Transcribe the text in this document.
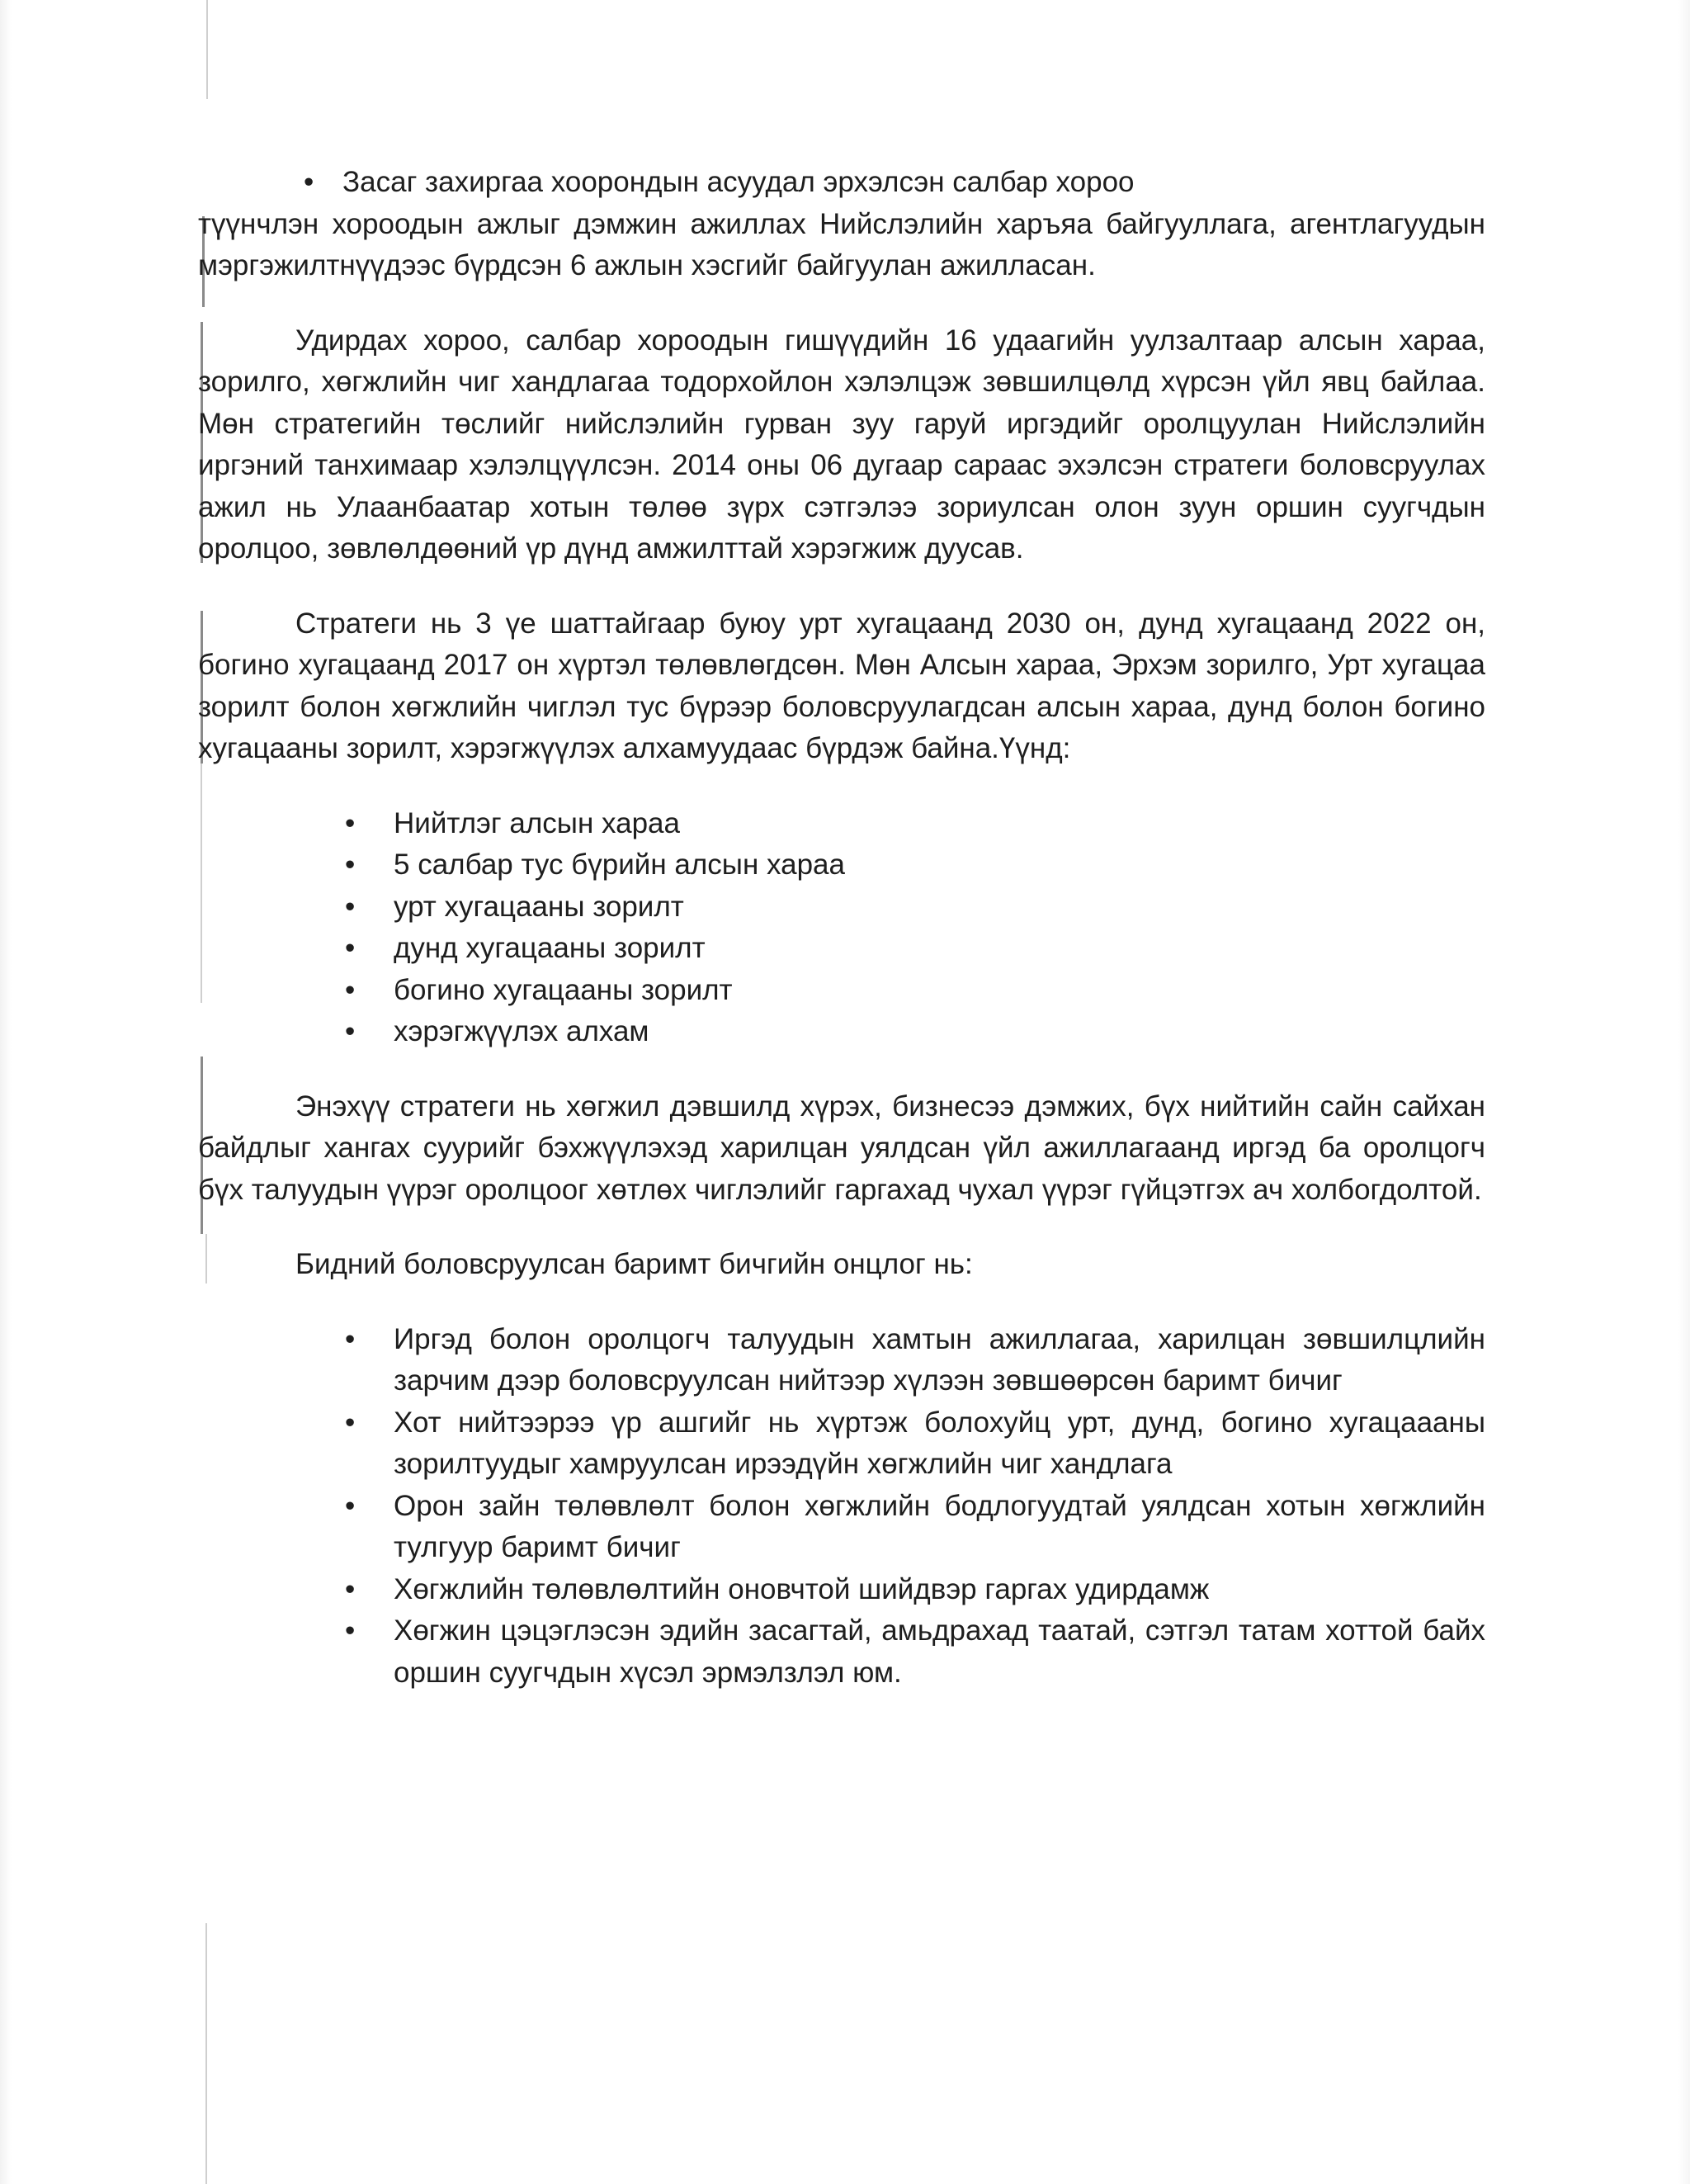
• Засаг захиргаа хоорондын асуудал эрхэлсэн салбар хороо

түүнчлэн хороодын ажлыг дэмжин ажиллах Нийслэлийн харъяа байгууллага, агентлагуудын мэргэжилтнүүдээс бүрдсэн 6 ажлын хэсгийг байгуулан ажилласан.

Удирдах хороо, салбар хороодын гишүүдийн 16 удаагийн уулзалтаар алсын хараа, зорилго, хөгжлийн чиг хандлагаа тодорхойлон хэлэлцэж зөвшилцөлд хүрсэн үйл явц байлаа. Мөн стратегийн төслийг нийслэлийн гурван зуу гаруй иргэдийг оролцуулан Нийслэлийн иргэний танхимаар хэлэлцүүлсэн. 2014 оны 06 дугаар сараас эхэлсэн стратеги боловсруулах ажил нь Улаанбаатар хотын төлөө зүрх сэтгэлээ зориулсан олон зуун оршин суугчдын оролцоо, зөвлөлдөөний үр дүнд амжилттай хэрэгжиж дуусав.

Стратеги нь 3 үе шаттайгаар буюу урт хугацаанд 2030 он, дунд хугацаанд 2022 он, богино хугацаанд 2017 он хүртэл төлөвлөгдсөн. Мөн Алсын хараа, Эрхэм зорилго, Урт хугацаа зорилт болон хөгжлийн чиглэл тус бүрээр боловсруулагдсан алсын хараа, дунд болон богино хугацааны зорилт, хэрэгжүүлэх алхамуудаас бүрдэж байна.Үүнд:

• Нийтлэг алсын хараа
• 5 салбар тус бүрийн алсын хараа
• урт хугацааны зорилт
• дунд хугацааны зорилт
• богино хугацааны зорилт
• хэрэгжүүлэх алхам

Энэхүү стратеги нь хөгжил дэвшилд хүрэх, бизнесээ дэмжих, бүх нийтийн сайн сайхан байдлыг хангах суурийг бэхжүүлэхэд харилцан уялдсан үйл ажиллагаанд иргэд ба оролцогч бүх талуудын үүрэг оролцоог хөтлөх чиглэлийг гаргахад чухал үүрэг гүйцэтгэх ач холбогдолтой.

Бидний боловсруулсан баримт бичгийн онцлог нь:

• Иргэд болон оролцогч талуудын хамтын ажиллагаа, харилцан зөвшилцлийн зарчим дээр боловсруулсан нийтээр хүлээн зөвшөөрсөн баримт бичиг
• Хот нийтээрээ үр ашгийг нь хүртэж болохуйц урт, дунд, богино хугацаааны зорилтуудыг хамруулсан ирээдүйн хөгжлийн чиг хандлага
• Орон зайн төлөвлөлт болон хөгжлийн бодлогуудтай уялдсан хотын хөгжлийн тулгуур баримт бичиг
• Хөгжлийн төлөвлөлтийн оновчтой шийдвэр гаргах удирдамж
• Хөгжин цэцэглэсэн эдийн засагтай, амьдрахад таатай, сэтгэл татам хоттой байх оршин суугчдын хүсэл эрмэлзлэл юм.
